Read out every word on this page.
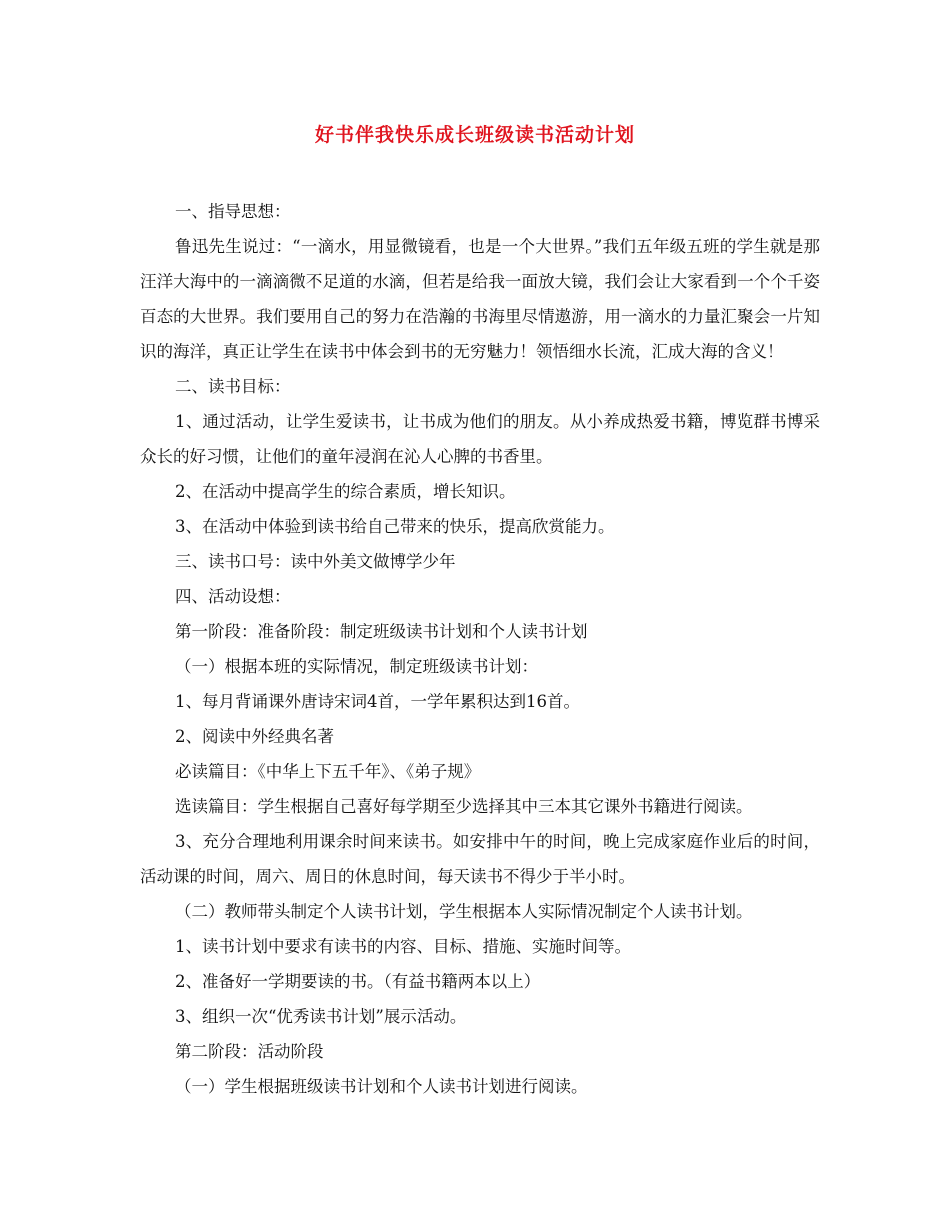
好书伴我快乐成长班级读书活动计划

一、指导思想：

鲁迅先生说过：“一滴水，用显微镜看，也是一个大世界。”我们五年级五班的学生就是那汪洋大海中的一滴滴微不足道的水滴，但若是给我一面放大镜，我们会让大家看到一个个千姿百态的大世界。我们要用自己的努力在浩瀚的书海里尽情遨游，用一滴水的力量汇聚会一片知识的海洋，真正让学生在读书中体会到书的无穷魅力！领悟细水长流，汇成大海的含义！

二、读书目标：

1、通过活动，让学生爱读书，让书成为他们的朋友。从小养成热爱书籍，博览群书博采众长的好习惯，让他们的童年浸润在沁人心脾的书香里。

2、在活动中提高学生的综合素质，增长知识。

3、在活动中体验到读书给自己带来的快乐，提高欣赏能力。

三、读书口号：读中外美文做博学少年

四、活动设想：

第一阶段：准备阶段：制定班级读书计划和个人读书计划

（一）根据本班的实际情况，制定班级读书计划：

1、每月背诵课外唐诗宋词4首，一学年累积达到16首。

2、阅读中外经典名著

必读篇目：《中华上下五千年》、《弟子规》

选读篇目：学生根据自己喜好每学期至少选择其中三本其它课外书籍进行阅读。

3、充分合理地利用课余时间来读书。如安排中午的时间，晚上完成家庭作业后的时间，活动课的时间，周六、周日的休息时间，每天读书不得少于半小时。

（二）教师带头制定个人读书计划，学生根据本人实际情况制定个人读书计划。

1、读书计划中要求有读书的内容、目标、措施、实施时间等。

2、准备好一学期要读的书。（有益书籍两本以上）

3、组织一次“优秀读书计划”展示活动。

第二阶段：活动阶段

（一）学生根据班级读书计划和个人读书计划进行阅读。
